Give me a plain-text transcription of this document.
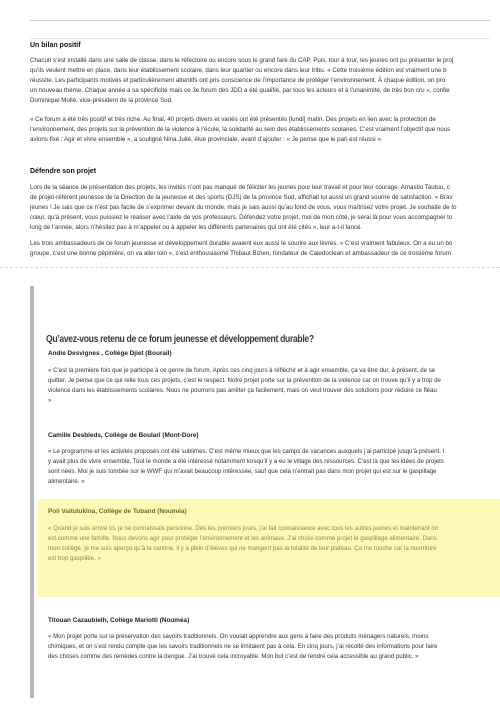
Un bilan positif
Chacun s’est installé dans une salle de classe, dans le réfectoire ou encore sous le grand faré du CAP. Puis, tour à tour, les jeunes ont pu présenter le proj
qu’ils veulent mettre en place, dans leur établissement scolaire, dans leur quartier ou encore dans leur tribu. « Cette troisième édition est vraiment une b
réussite. Les participants motivés et particulièrement attentifs ont pris conscience de l’importance de protéger l’environnement. À chaque édition, on pro
un nouveau thème. Chaque année a sa spécificité mais ce 3e forum des JDD a été qualifié, par tous les acteurs et à l’unanimité, de très bon cru », confie
Dominique Mollé, vice-président de la province Sud.
« Ce forum a été très positif et très riche. Au final, 40 projets divers et variés ont été présentés [lundi] matin. Des projets en lien avec la protection de
l’environnement, des projets sur la prévention de la violence à l’école, la solidarité au sein des établissements scolaires. C’est vraiment l’objectif que nous
avions fixé : Agir et vivre ensemble », a souligné Nina Julié, élue provinciale, avant d’ajouter : « Je pense que le pari est réussi ».
Défendre son projet
Lors de la séance de présentation des projets, les invités n’ont pas manqué de féliciter les jeunes pour leur travail et pour leur courage. Amastio Tautuu, c
de projet-référent jeunesse de la Direction de la jeunesse et des sports (DJS) de la province Sud, affichait lui aussi un grand sourire de satisfaction. « Brav
jeunes ! Je sais que ce n’est pas facile de s’exprimer devant du monde, mais je sais aussi qu’au fond de vous, vous maîtrisez votre projet. Je souhaite de to
cœur, qu’à présent, vous puissiez le réaliser avec l’aide de vos professeurs. Défendez votre projet, moi de mon côté, je serai là pour vous accompagner to
long de l’année, alors n’hésitez pas à m’appeler ou à appeler les différents partenaires qui ont été cités », leur a-t-il lancé.
Les trois ambassadeurs de ce forum jeunesse et développement durable avaient eux aussi le sourire aux lèvres. « C’est vraiment fabuleux. On a eu un bo
groupe, c’est une bonne pépinière, on va aller loin », s’est enthousiasmé Thibaut Bizien, fondateur de Caledoclean et ambassadeur de ce troisième forum
Qu’avez-vous retenu de ce forum jeunesse et développement durable?
Andie Desvignes , Collège Djiet (Bourail)
« C’est la première fois que je participe à ce genre de forum. Après ces cinq jours à réfléchir et à agir ensemble, ça va être dur, à présent, de se
quitter. Je pense que ce qui relie tous ces projets, c’est le respect. Notre projet porte sur la prévention de la violence car on trouve qu’il y a trop de
violence dans les établissements scolaires. Nous ne pourrons pas arrêter ça facilement, mais on veut trouver des solutions pour réduire ce fléau
»
Camille Desbleds, Collège de Boulari (Mont-Dore)
« Le programme et les activités proposés ont été sublimes. C’est même mieux que les camps de vacances auxquels j’ai participé jusqu’à présent. I
y avait plus de vivre ensemble. Tout le monde a été intéressé notamment lorsqu’il y a eu le village des ressources. C’est là que les idées de projets
sont nées. Moi je suis tombée sur le WWF qui m’avait beaucoup intéressée, sauf que cela n’entrait pas dans mon projet qui est sur le gaspillage
alimentaire. »
Poli Vaitulukina, Collège de Tuband (Nouméa)
« Quand je suis arrivé ici, je ne connaissais personne. Dès les premiers jours, j’ai fait connaissance avec tous les autres jeunes et maintenant on
est comme une famille. Nous devons agir pour protéger l’environnement et les animaux. J’ai choisi comme projet le gaspillage alimentaire. Dans
mon collège, je me suis aperçu qu’à la cantine, il y a plein d’élèves qui ne mangent pas la totalité de leur plateau. Ça me touche car la nourriture
est trop gaspillée. »
Titouan Cazaubielh, Collège Mariotti (Nouméa)
« Mon projet porte sur la préservation des savoirs traditionnels. On voulait apprendre aux gens à faire des produits ménagers naturels, moins
chimiques, et on s’est rendu compte que les savoirs traditionnels ne se limitaient pas à cela. En cinq jours, j’ai récolté des informations pour faire
des choses comme des remèdes contre la dengue. J’ai trouvé cela incroyable. Mon but c’est de rendre cela accessible au grand public. »
